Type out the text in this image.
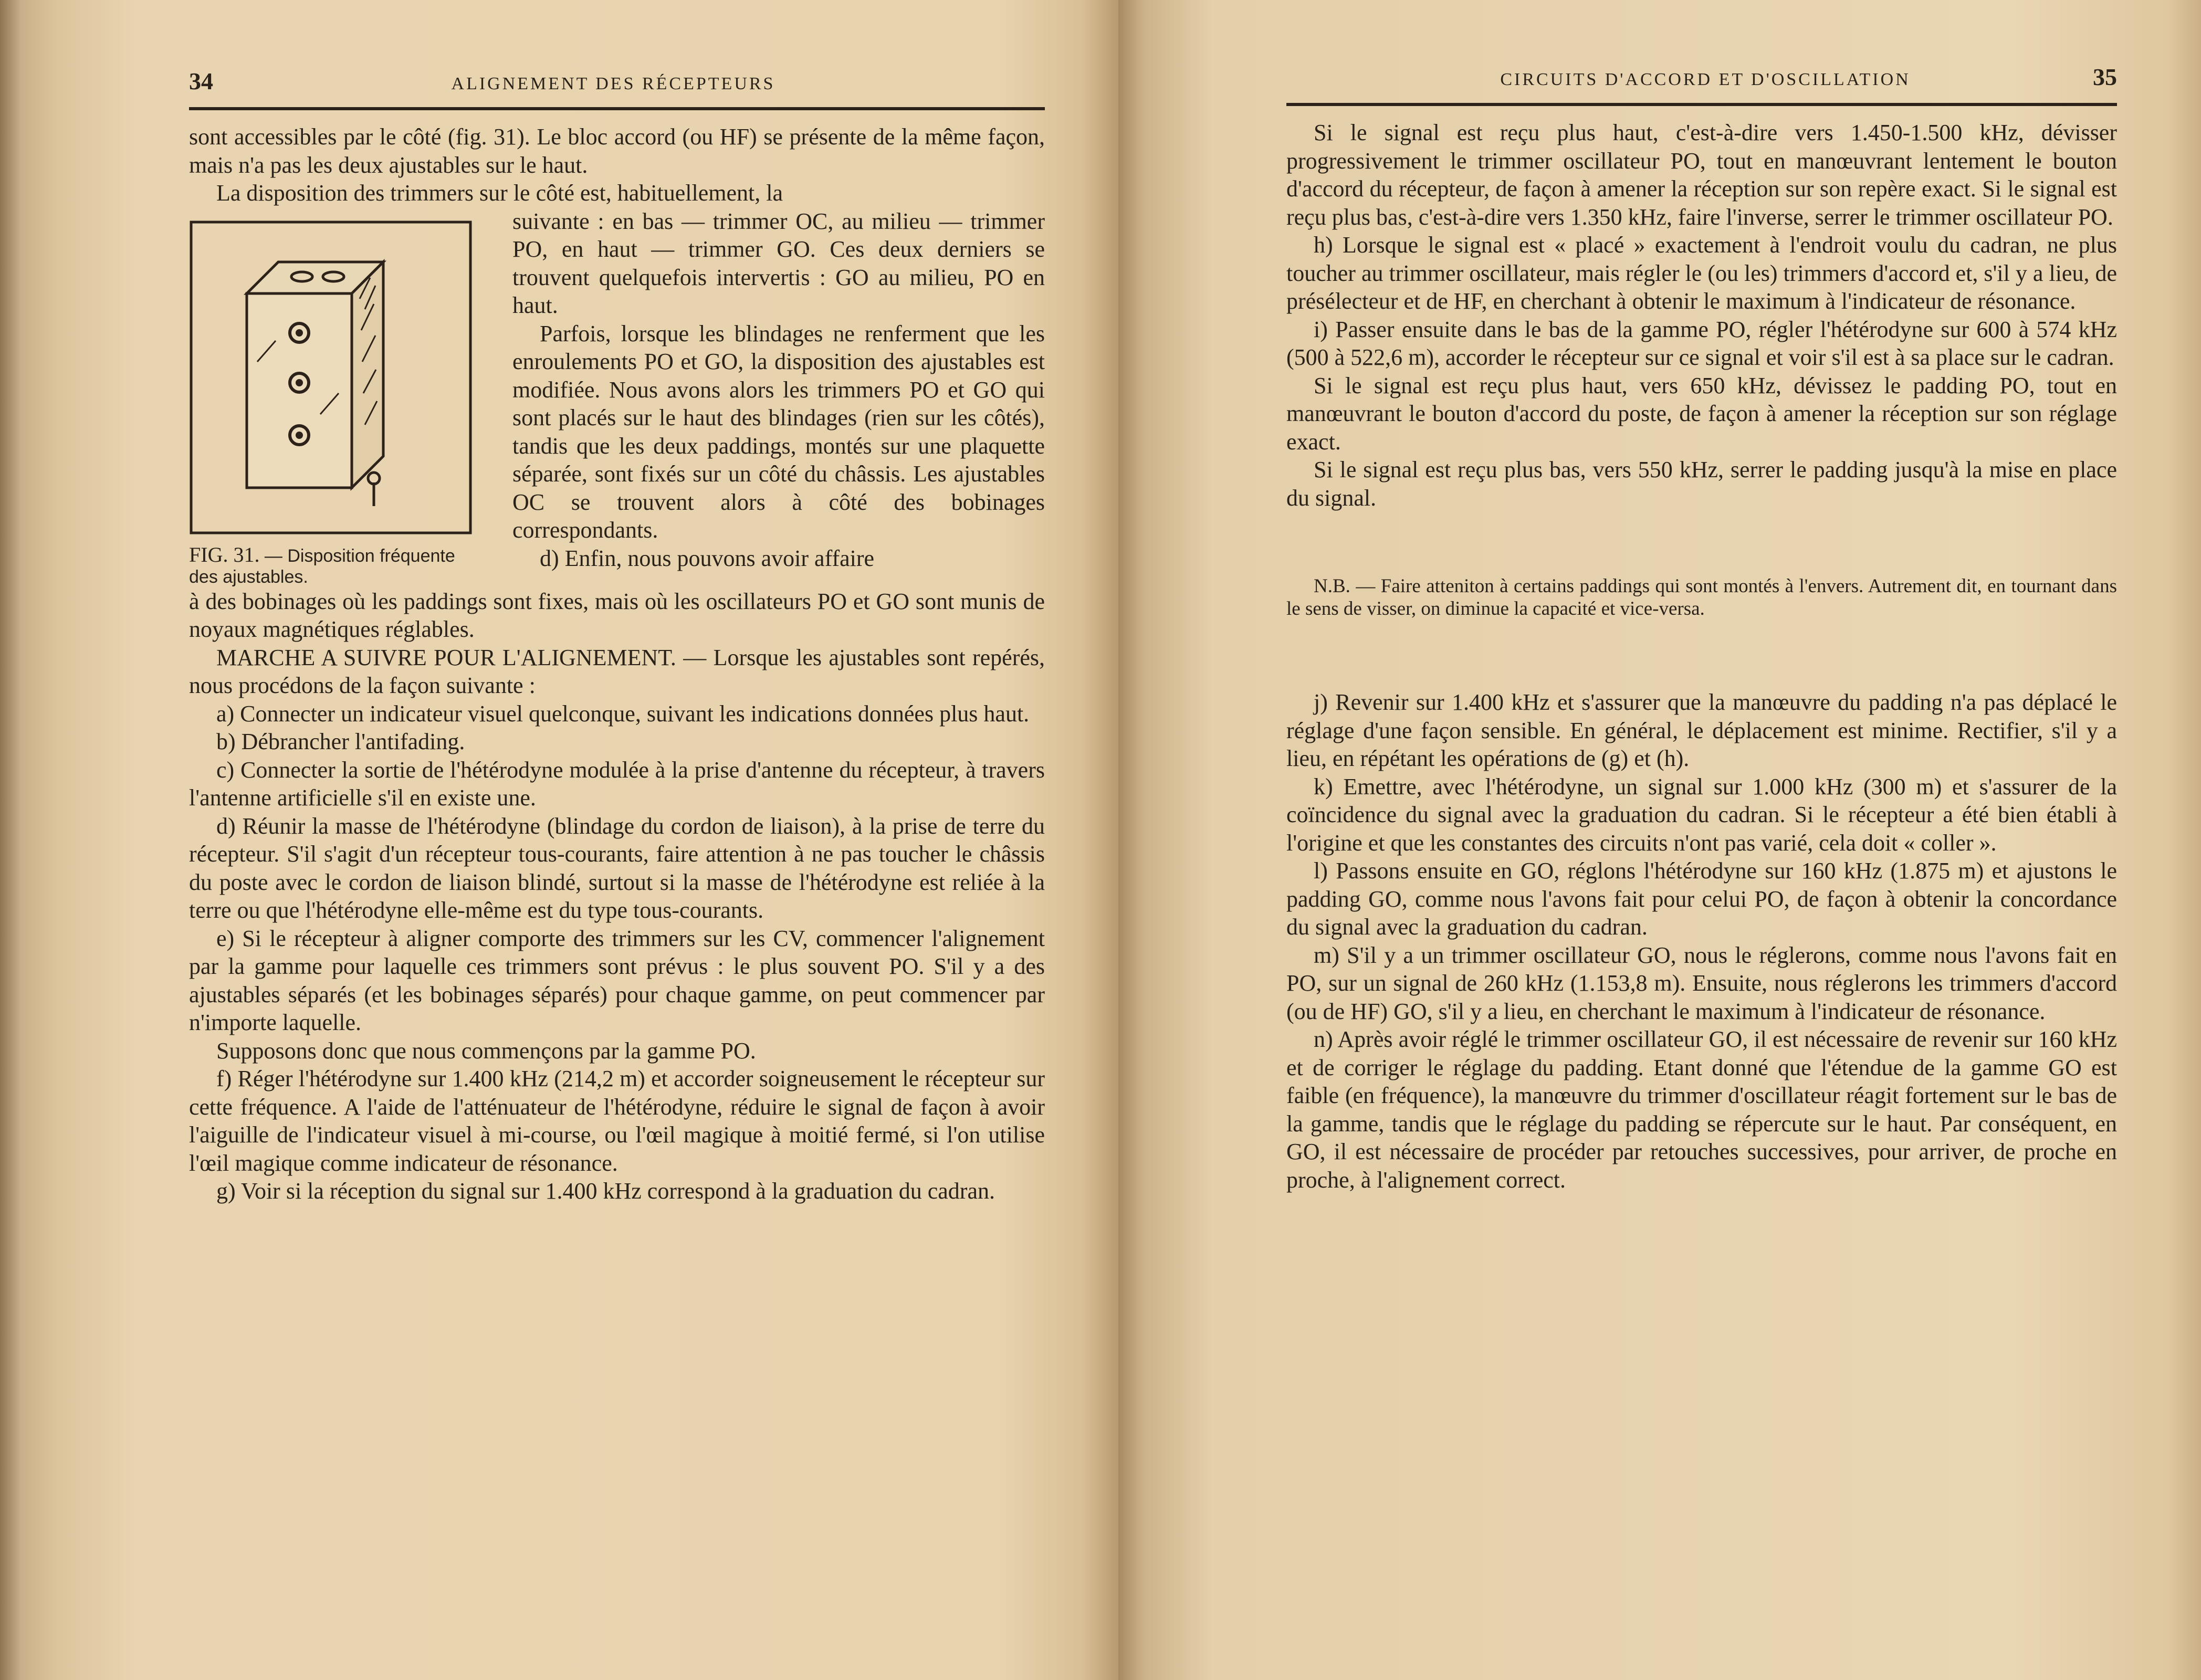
34	ALIGNEMENT DES RÉCEPTEURS

sont accessibles par le côté (fig. 31). Le bloc accord (ou HF) se présente de la même façon, mais n'a pas les deux ajustables sur le haut.

La disposition des trimmers sur le côté est, habituellement, la

FIG. 31. — Disposition fréquente des ajustables.

suivante : en bas — trimmer OC, au milieu — trimmer PO, en haut — trimmer GO. Ces deux derniers se trouvent quelquefois intervertis : GO au milieu, PO en haut.

Parfois, lorsque les blindages ne renferment que les enroulements PO et GO, la disposition des ajustables est modifiée. Nous avons alors les trimmers PO et GO qui sont placés sur le haut des blindages (rien sur les côtés), tandis que les deux paddings, montés sur une plaquette séparée, sont fixés sur un côté du châssis. Les ajustables OC se trouvent alors à côté des bobinages correspondants.

d) Enfin, nous pouvons avoir affaire

à des bobinages où les paddings sont fixes, mais où les oscillateurs PO et GO sont munis de noyaux magnétiques réglables.

MARCHE A SUIVRE POUR L'ALIGNEMENT. — Lorsque les ajustables sont repérés, nous procédons de la façon suivante :

a) Connecter un indicateur visuel quelconque, suivant les indications données plus haut.

b) Débrancher l'antifading.

c) Connecter la sortie de l'hétérodyne modulée à la prise d'antenne du récepteur, à travers l'antenne artificielle s'il en existe une.

d) Réunir la masse de l'hétérodyne (blindage du cordon de liaison), à la prise de terre du récepteur. S'il s'agit d'un récepteur tous-courants, faire attention à ne pas toucher le châssis du poste avec le cordon de liaison blindé, surtout si la masse de l'hétérodyne est reliée à la terre ou que l'hétérodyne elle-même est du type tous-courants.

e) Si le récepteur à aligner comporte des trimmers sur les CV, commencer l'alignement par la gamme pour laquelle ces trimmers sont prévus : le plus souvent PO. S'il y a des ajustables séparés (et les bobinages séparés) pour chaque gamme, on peut commencer par n'importe laquelle.

Supposons donc que nous commençons par la gamme PO.

f) Réger l'hétérodyne sur 1.400 kHz (214,2 m) et accorder soigneusement le récepteur sur cette fréquence. A l'aide de l'atténuateur de l'hétérodyne, réduire le signal de façon à avoir l'aiguille de l'indicateur visuel à mi-course, ou l'œil magique à moitié fermé, si l'on utilise l'œil magique comme indicateur de résonance.

g) Voir si la réception du signal sur 1.400 kHz correspond à la graduation du cadran.

CIRCUITS D'ACCORD ET D'OSCILLATION	35

Si le signal est reçu plus haut, c'est-à-dire vers 1.450-1.500 kHz, dévisser progressivement le trimmer oscillateur PO, tout en manœuvrant lentement le bouton d'accord du récepteur, de façon à amener la réception sur son repère exact. Si le signal est reçu plus bas, c'est-à-dire vers 1.350 kHz, faire l'inverse, serrer le trimmer oscillateur PO.

h) Lorsque le signal est « placé » exactement à l'endroit voulu du cadran, ne plus toucher au trimmer oscillateur, mais régler le (ou les) trimmers d'accord et, s'il y a lieu, de présélecteur et de HF, en cherchant à obtenir le maximum à l'indicateur de résonance.

i) Passer ensuite dans le bas de la gamme PO, régler l'hétérodyne sur 600 à 574 kHz (500 à 522,6 m), accorder le récepteur sur ce signal et voir s'il est à sa place sur le cadran.

Si le signal est reçu plus haut, vers 650 kHz, dévissez le padding PO, tout en manœuvrant le bouton d'accord du poste, de façon à amener la réception sur son réglage exact.

Si le signal est reçu plus bas, vers 550 kHz, serrer le padding jusqu'à la mise en place du signal.

N.B. — Faire atteniton à certains paddings qui sont montés à l'envers. Autrement dit, en tournant dans le sens de visser, on diminue la capacité et vice-versa.

j) Revenir sur 1.400 kHz et s'assurer que la manœuvre du padding n'a pas déplacé le réglage d'une façon sensible. En général, le déplacement est minime. Rectifier, s'il y a lieu, en répétant les opérations de (g) et (h).

k) Emettre, avec l'hétérodyne, un signal sur 1.000 kHz (300 m) et s'assurer de la coïncidence du signal avec la graduation du cadran. Si le récepteur a été bien établi à l'origine et que les constantes des circuits n'ont pas varié, cela doit « coller ».

l) Passons ensuite en GO, réglons l'hétérodyne sur 160 kHz (1.875 m) et ajustons le padding GO, comme nous l'avons fait pour celui PO, de façon à obtenir la concordance du signal avec la graduation du cadran.

m) S'il y a un trimmer oscillateur GO, nous le réglerons, comme nous l'avons fait en PO, sur un signal de 260 kHz (1.153,8 m). Ensuite, nous réglerons les trimmers d'accord (ou de HF) GO, s'il y a lieu, en cherchant le maximum à l'indicateur de résonance.

n) Après avoir réglé le trimmer oscillateur GO, il est nécessaire de revenir sur 160 kHz et de corriger le réglage du padding. Etant donné que l'étendue de la gamme GO est faible (en fréquence), la manœuvre du trimmer d'oscillateur réagit fortement sur le bas de la gamme, tandis que le réglage du padding se répercute sur le haut. Par conséquent, en GO, il est nécessaire de procéder par retouches successives, pour arriver, de proche en proche, à l'alignement correct.
